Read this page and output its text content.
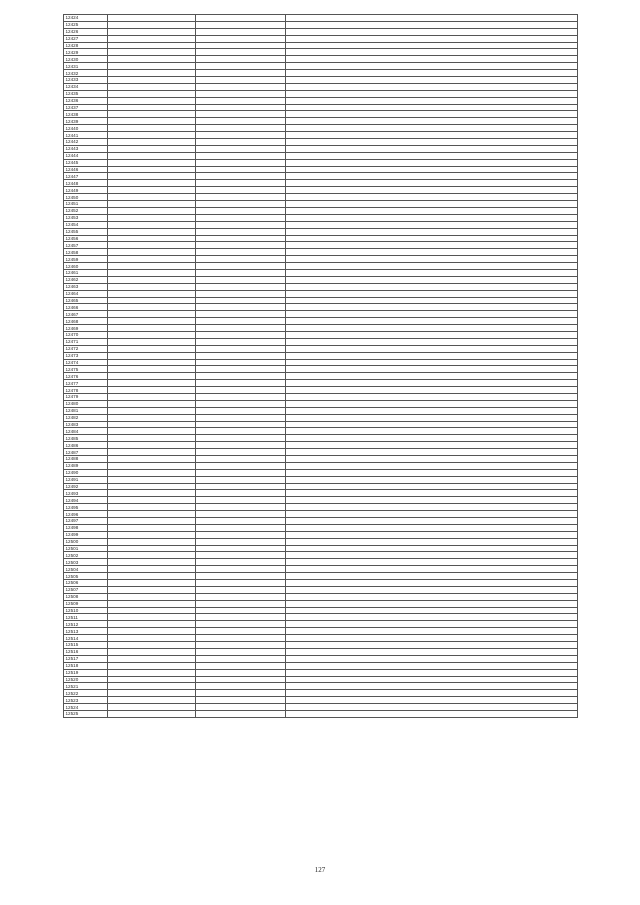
12424			
12425			
12426			
12427			
12428			
12429			
12430			
12431			
12432			
12433			
12434			
12435			
12436			
12437			
12438			
12439			
12440			
12441			
12442			
12443			
12444			
12445			
12446			
12447			
12448			
12449			
12450			
12451			
12452			
12453			
12454			
12455			
12456			
12457			
12458			
12459			
12460			
12461			
12462			
12463			
12464			
12465			
12466			
12467			
12468			
12469			
12470			
12471			
12472			
12473			
12474			
12475			
12476			
12477			
12478			
12479			
12480			
12481			
12482			
12483			
12484			
12485			
12486			
12487			
12488			
12489			
12490			
12491			
12492			
12493			
12494			
12495			
12496			
12497			
12498			
12499			
12500			
12501			
12502			
12503			
12504			
12505			
12506			
12507			
12508			
12509			
12510			
12511			
12512			
12513			
12514			
12515			
12516			
12517			
12518			
12519			
12520			
12521			
12522			
12523			
12524			
12525			
127
